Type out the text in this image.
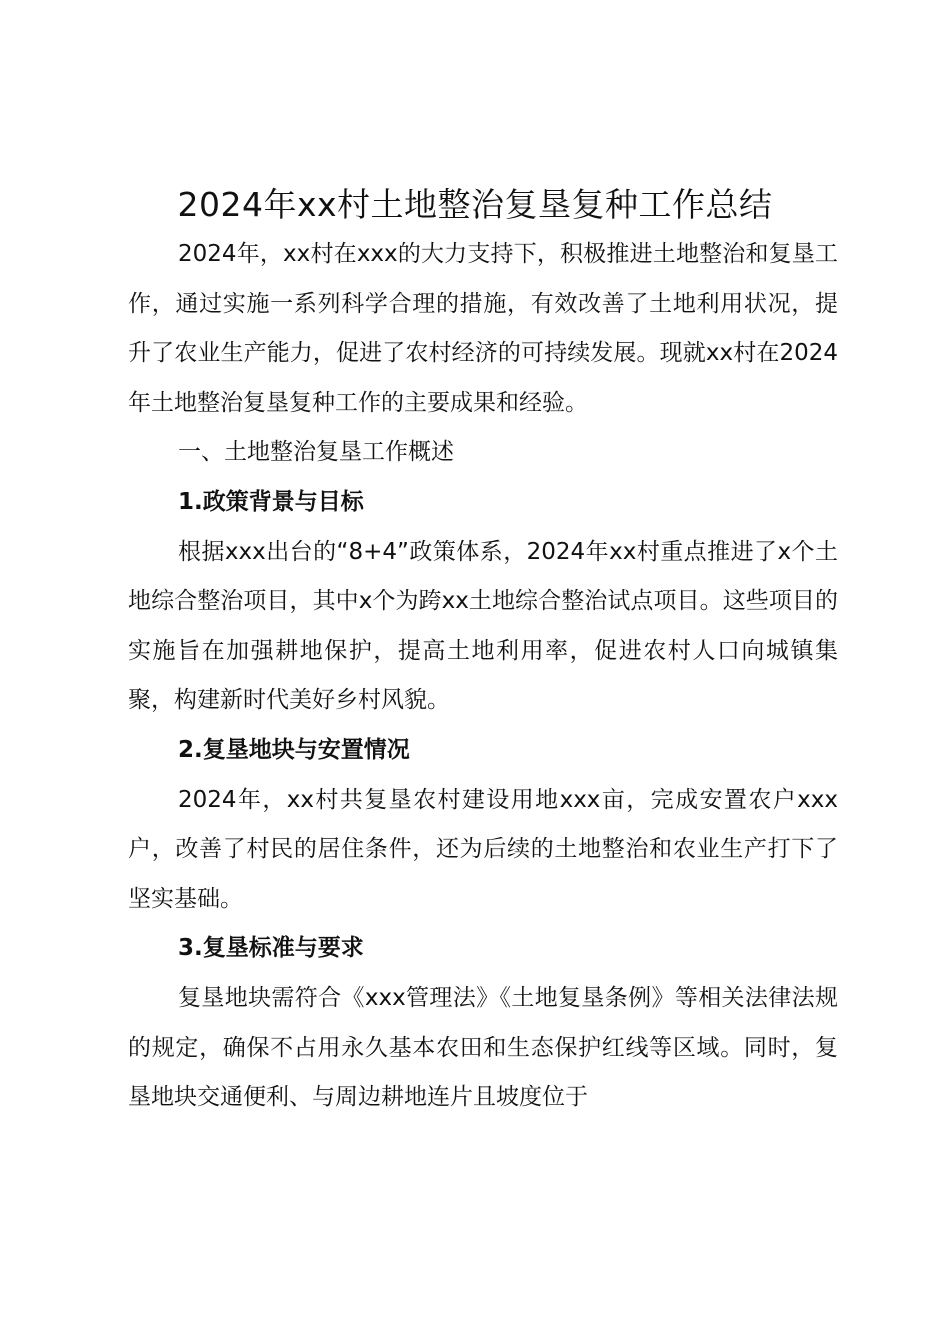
2024年xx村土地整治复垦复种工作总结

2024年，xx村在xxx的大力支持下，积极推进土地整治和复垦工作，通过实施一系列科学合理的措施，有效改善了土地利用状况，提升了农业生产能力，促进了农村经济的可持续发展。现就xx村在2024年土地整治复垦复种工作的主要成果和经验。

一、土地整治复垦工作概述

1.政策背景与目标

根据xxx出台的“8+4”政策体系，2024年xx村重点推进了x个土地综合整治项目，其中x个为跨xx土地综合整治试点项目。这些项目的实施旨在加强耕地保护，提高土地利用率，促进农村人口向城镇集聚，构建新时代美好乡村风貌。

2.复垦地块与安置情况

2024年，xx村共复垦农村建设用地xxx亩，完成安置农户xxx户，改善了村民的居住条件，还为后续的土地整治和农业生产打下了坚实基础。

3.复垦标准与要求

复垦地块需符合《xxx管理法》《土地复垦条例》等相关法律法规的规定，确保不占用永久基本农田和生态保护红线等区域。同时，复垦地块交通便利、与周边耕地连片且坡度位于
